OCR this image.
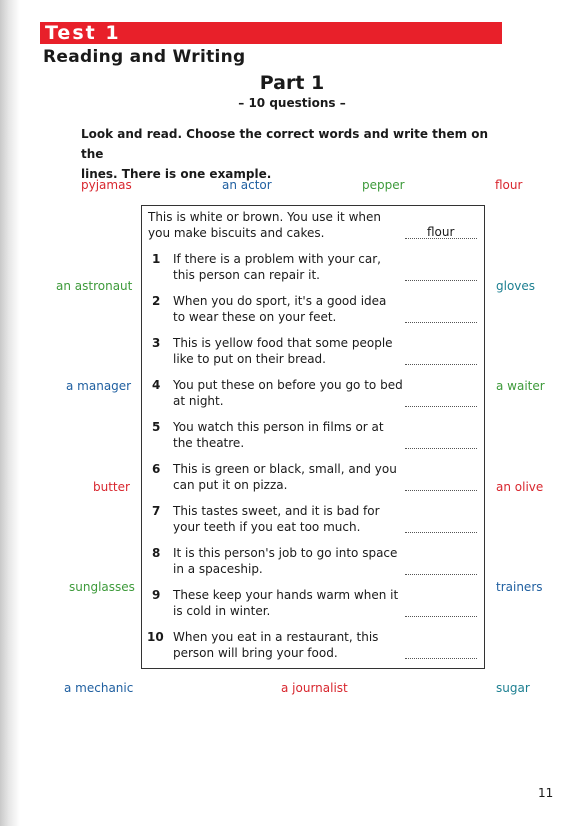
Test 1
Reading and Writing
Part 1
– 10 questions –
Look and read. Choose the correct words and write them on the
lines. There is one example.
pyjamas	an actor	pepper	flour
an astronaut	gloves
a manager	a waiter
butter	an olive
sunglasses	trainers
a mechanic	a journalist	sugar
This is white or brown. You use it when
you make biscuits and cakes.	flour
1 If there is a problem with your car,
this person can repair it.
2 When you do sport, it's a good idea
to wear these on your feet.
3 This is yellow food that some people
like to put on their bread.
4 You put these on before you go to bed
at night.
5 You watch this person in films or at
the theatre.
6 This is green or black, small, and you
can put it on pizza.
7 This tastes sweet, and it is bad for
your teeth if you eat too much.
8 It is this person's job to go into space
in a spaceship.
9 These keep your hands warm when it
is cold in winter.
10 When you eat in a restaurant, this
person will bring your food.
11
